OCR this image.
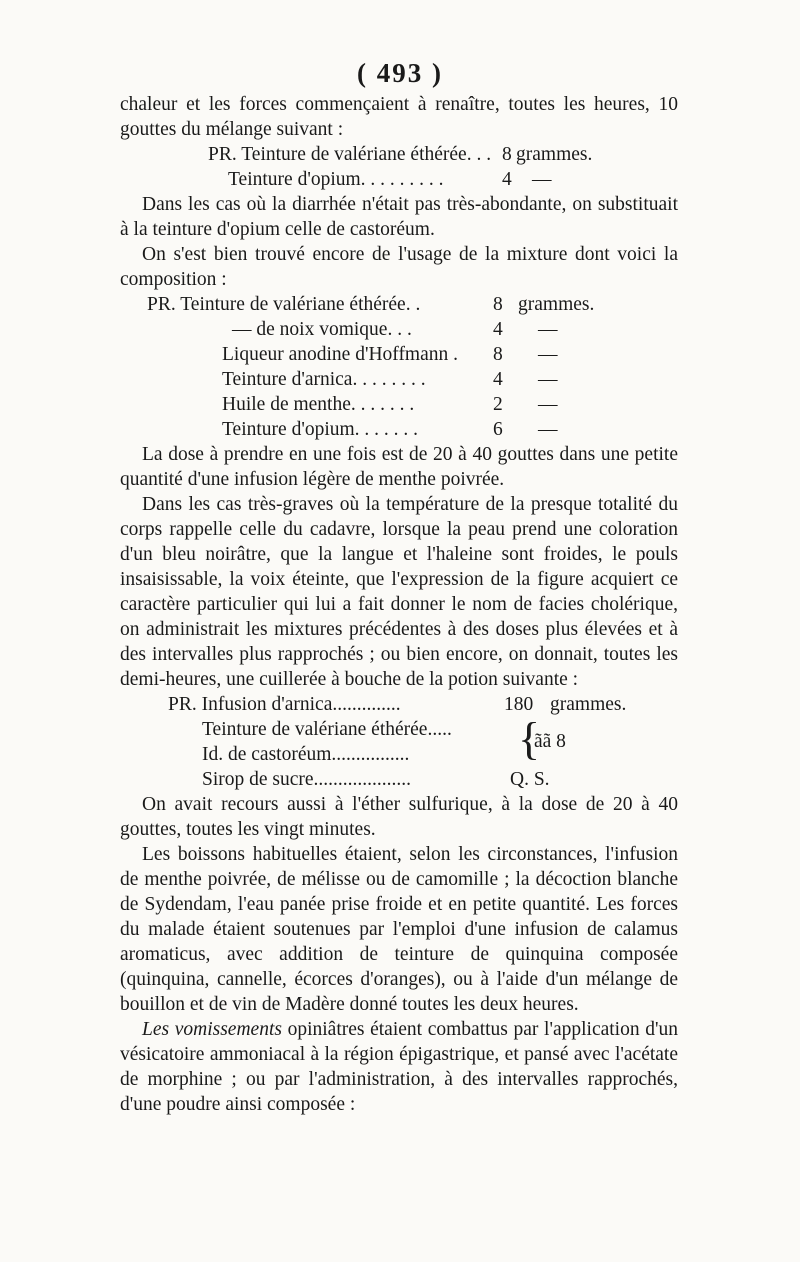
( 493 )

chaleur et les forces commençaient à renaître, toutes les heures, 10 gouttes du mélange suivant :

PR. Teinture de valériane éthérée. . . 8 grammes.
Teinture d'opium. . . . . . . . .	4 —

Dans les cas où la diarrhée n'était pas très-abondante, on substituait à la teinture d'opium celle de castoréum.

On s'est bien trouvé encore de l'usage de la mixture dont voici la composition :

PR. Teinture de valériane éthérée. .	8 grammes.
— de noix vomique. . .	4 —
Liqueur anodine d'Hoffmann . 8 —
Teinture d'arnica. . . . . . . .	4 —
Huile de menthe. . . . . . .	2 —
Teinture d'opium. . . . . . .	6 —

La dose à prendre en une fois est de 20 à 40 gouttes dans une petite quantité d'une infusion légère de menthe poivrée.

Dans les cas très-graves où la température de la presque totalité du corps rappelle celle du cadavre, lorsque la peau prend une coloration d'un bleu noirâtre, que la langue et l'haleine sont froides, le pouls insaisissable, la voix éteinte, que l'expression de la figure acquiert ce caractère particulier qui lui a fait donner le nom de facies cholérique, on administrait les mixtures précédentes à des doses plus élevées et à des intervalles plus rapprochés ; ou bien encore, on donnait, toutes les demi-heures, une cuillerée à bouche de la potion suivante :

PR. Infusion d'arnica..............	180 grammes.
Teinture de valériane éthérée..... {
ãã 8
Id. de castoréum................
Sirop de sucre....................	Q. S.

On avait recours aussi à l'éther sulfurique, à la dose de 20 à 40 gouttes, toutes les vingt minutes.

Les boissons habituelles étaient, selon les circonstances, l'infusion de menthe poivrée, de mélisse ou de camomille ; la décoction blanche de Sydendam, l'eau panée prise froide et en petite quantité. Les forces du malade étaient soutenues par l'emploi d'une infusion de calamus aromaticus, avec addition de teinture de quinquina composée (quinquina, cannelle, écorces d'oranges), ou à l'aide d'un mélange de bouillon et de vin de Madère donné toutes les deux heures.

Les vomissements opiniâtres étaient combattus par l'application d'un vésicatoire ammoniacal à la région épigastrique, et pansé avec l'acétate de morphine ; ou par l'administration, à des intervalles rapprochés, d'une poudre ainsi composée :
